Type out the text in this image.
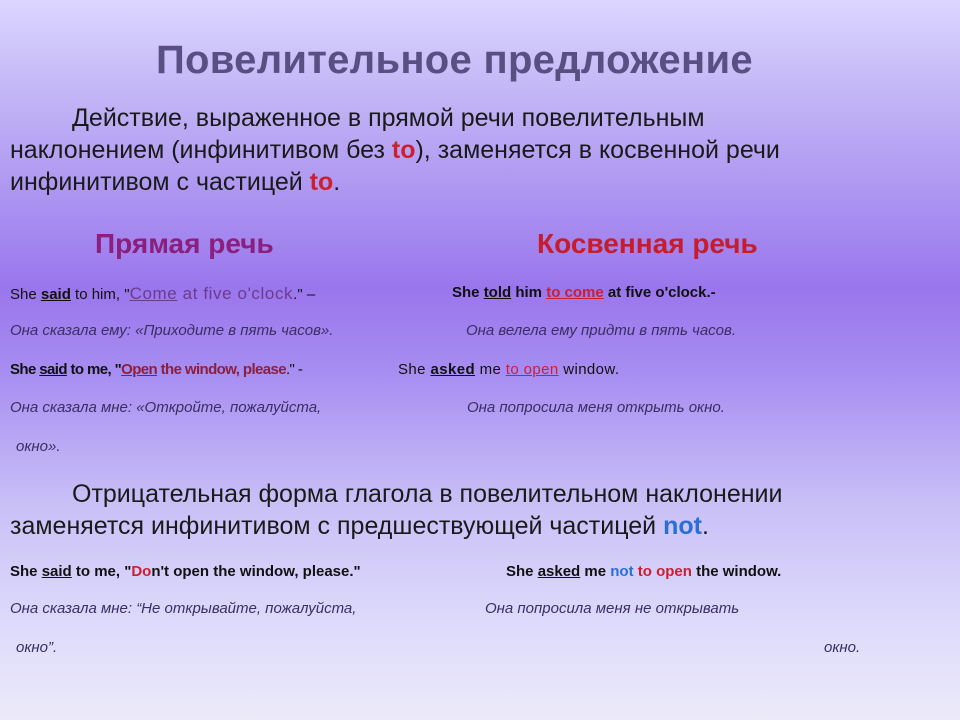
Повелительное предложение
Действие, выраженное в прямой речи повелительным
наклонением (инфинитивом без to), заменяется в косвенной речи
инфинитивом с частицей to.
Прямая речь	Косвенная речь
She said to him, "Come at five o'clock." –	She told him to come at five o'clock.-
Она сказала ему: «Приходите в пять часов».	Она велела ему придти в пять часов.
She said to me, "Open the window, please." -	She asked me to open window.
Она сказала мне: «Откройте, пожалуйста,	Она попросила меня открыть окно.
окно».
Отрицательная форма глагола в повелительном наклонении
заменяется инфинитивом с предшествующей частицей not.
She said to me, "Don't open the window, please."	She asked me not to open the window.
Она сказала мне: “Не открывайте, пожалуйста,	Она попросила меня не открывать
окно”.	окно.
